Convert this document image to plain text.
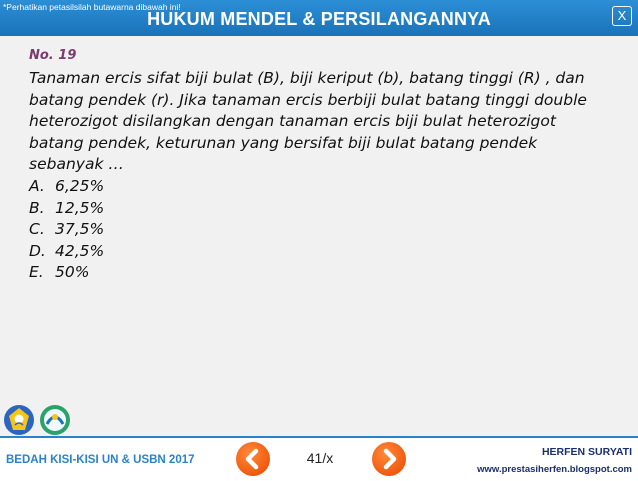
*Perhatikan petasilsilah butawarna dibawah ini!
HUKUM MENDEL & PERSILANGANNYA	X
No. 19
Tanaman ercis sifat biji bulat (B), biji keriput (b), batang tinggi (R) , dan batang pendek (r). Jika tanaman ercis berbiji bulat batang tinggi double heterozigot disilangkan dengan tanaman ercis biji bulat heterozigot batang pendek, keturunan yang bersifat biji bulat batang pendek sebanyak …
A. 6,25%
B. 12,5%
C. 37,5%
D. 42,5%
E. 50%
BEDAH KISI-KISI UN & USBN 2017	41/x	HERFEN SURYATI
www.prestasiherfen.blogspot.com
